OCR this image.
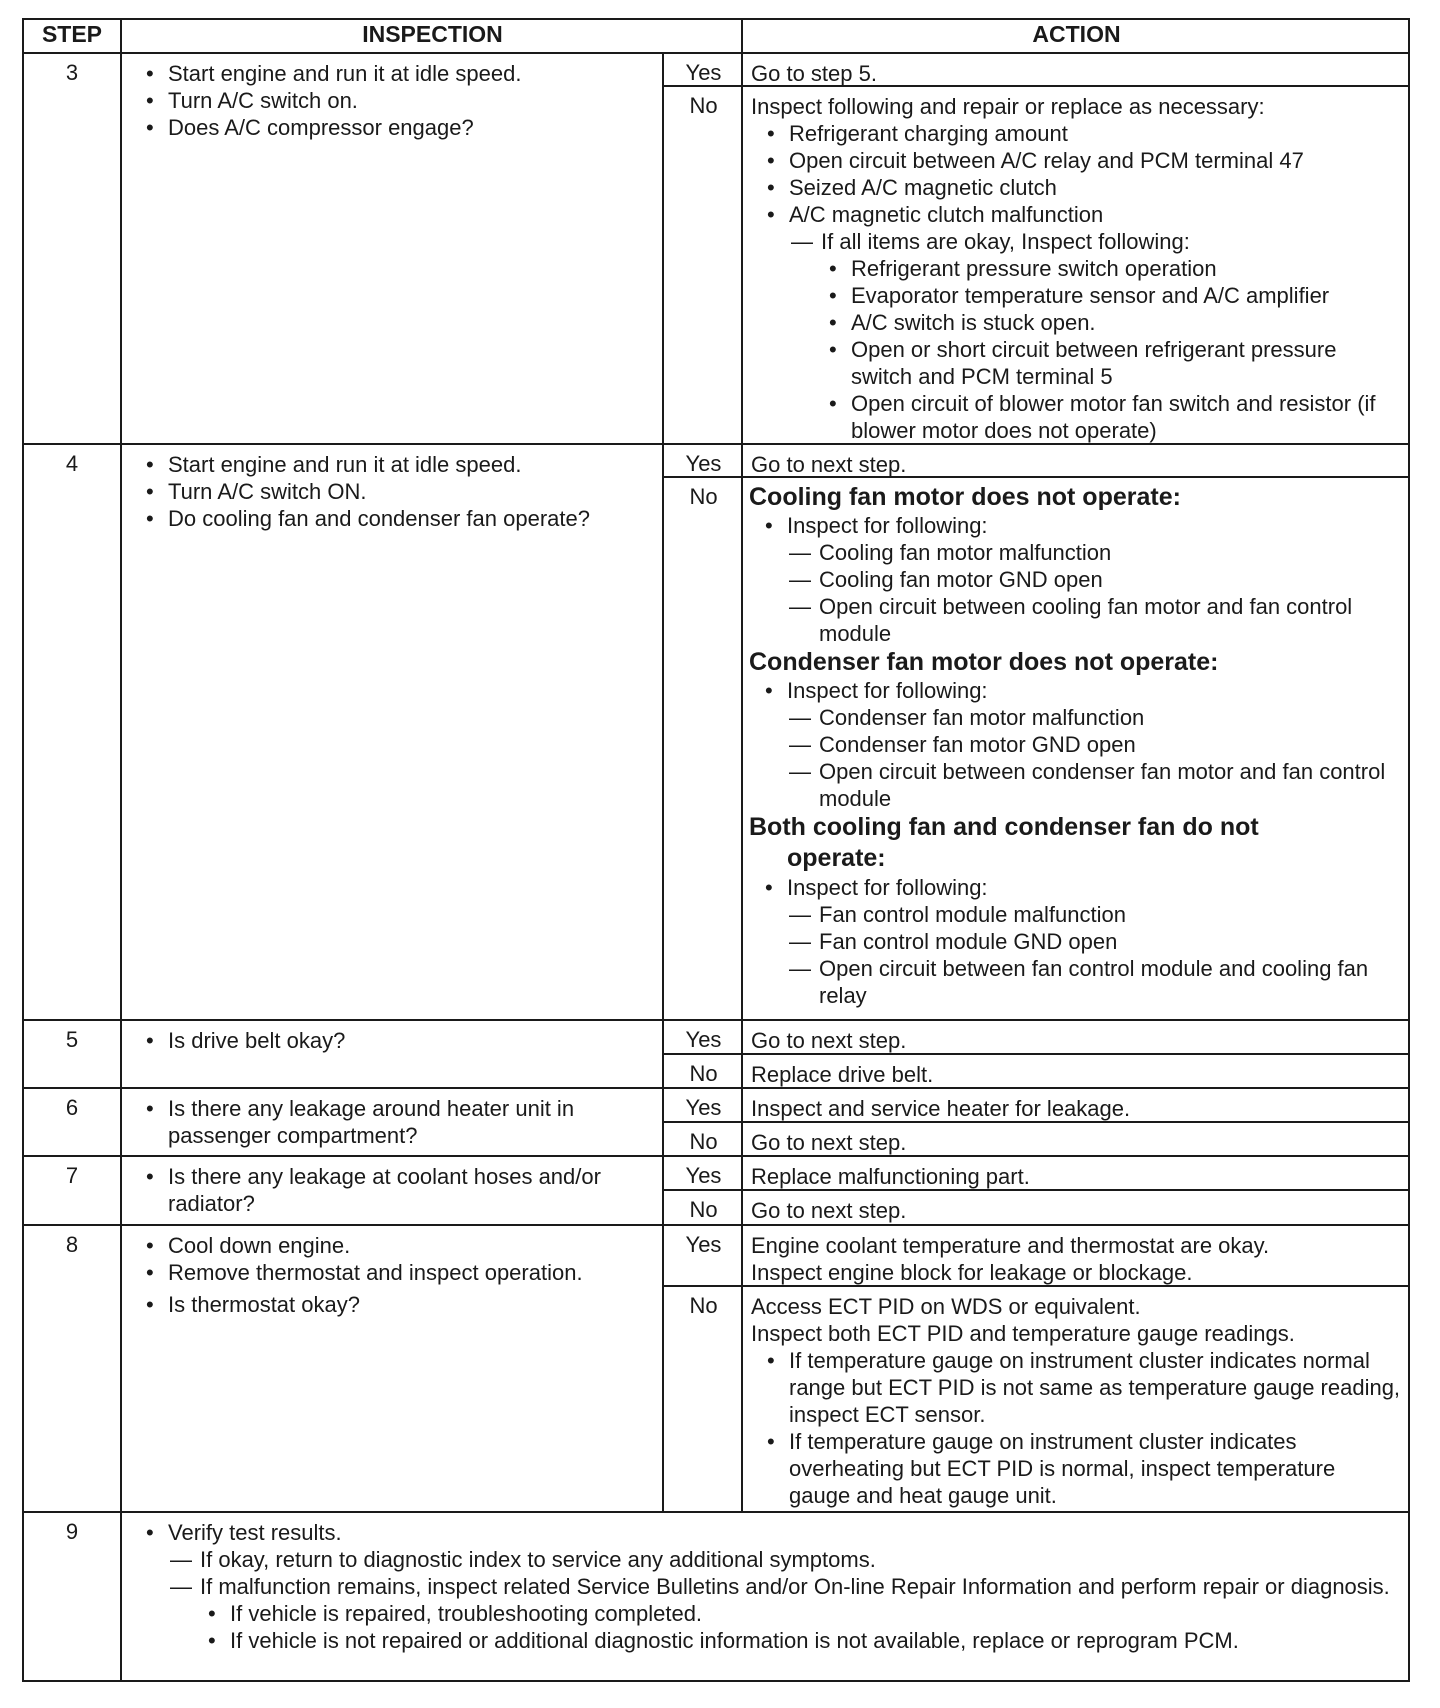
STEP	INSPECTION	ACTION
3	• Start engine and run it at idle speed.
• Turn A/C switch on.
• Does A/C compressor engage?
Yes	Go to step 5.
No	Inspect following and repair or replace as necessary:
• Refrigerant charging amount
• Open circuit between A/C relay and PCM terminal 47
• Seized A/C magnetic clutch
• A/C magnetic clutch malfunction
— If all items are okay, Inspect following:
• Refrigerant pressure switch operation
• Evaporator temperature sensor and A/C amplifier
• A/C switch is stuck open.
• Open or short circuit between refrigerant pressure switch and PCM terminal 5
• Open circuit of blower motor fan switch and resistor (if blower motor does not operate)
4	• Start engine and run it at idle speed.
• Turn A/C switch ON.
• Do cooling fan and condenser fan operate?
Yes	Go to next step.
No	Cooling fan motor does not operate:
• Inspect for following:
— Cooling fan motor malfunction
— Cooling fan motor GND open
— Open circuit between cooling fan motor and fan control module
Condenser fan motor does not operate:
• Inspect for following:
— Condenser fan motor malfunction
— Condenser fan motor GND open
— Open circuit between condenser fan motor and fan control module
Both cooling fan and condenser fan do not
operate:
• Inspect for following:
— Fan control module malfunction
— Fan control module GND open
— Open circuit between fan control module and cooling fan relay
5	• Is drive belt okay?	Yes	Go to next step.
No	Replace drive belt.
6	• Is there any leakage around heater unit in passenger compartment?
Yes	Inspect and service heater for leakage.
No	Go to next step.
7	• Is there any leakage at coolant hoses and/or radiator?
Yes	Replace malfunctioning part.
No	Go to next step.
8	• Cool down engine.
• Remove thermostat and inspect operation.
• Is thermostat okay?
Yes	Engine coolant temperature and thermostat are okay.
Inspect engine block for leakage or blockage.
No	Access ECT PID on WDS or equivalent.
Inspect both ECT PID and temperature gauge readings.
• If temperature gauge on instrument cluster indicates normal range but ECT PID is not same as temperature gauge reading, inspect ECT sensor.
• If temperature gauge on instrument cluster indicates overheating but ECT PID is normal, inspect temperature gauge and heat gauge unit.
9	• Verify test results.
— If okay, return to diagnostic index to service any additional symptoms.
— If malfunction remains, inspect related Service Bulletins and/or On-line Repair Information and perform repair or diagnosis.
• If vehicle is repaired, troubleshooting completed.
• If vehicle is not repaired or additional diagnostic information is not available, replace or reprogram PCM.
